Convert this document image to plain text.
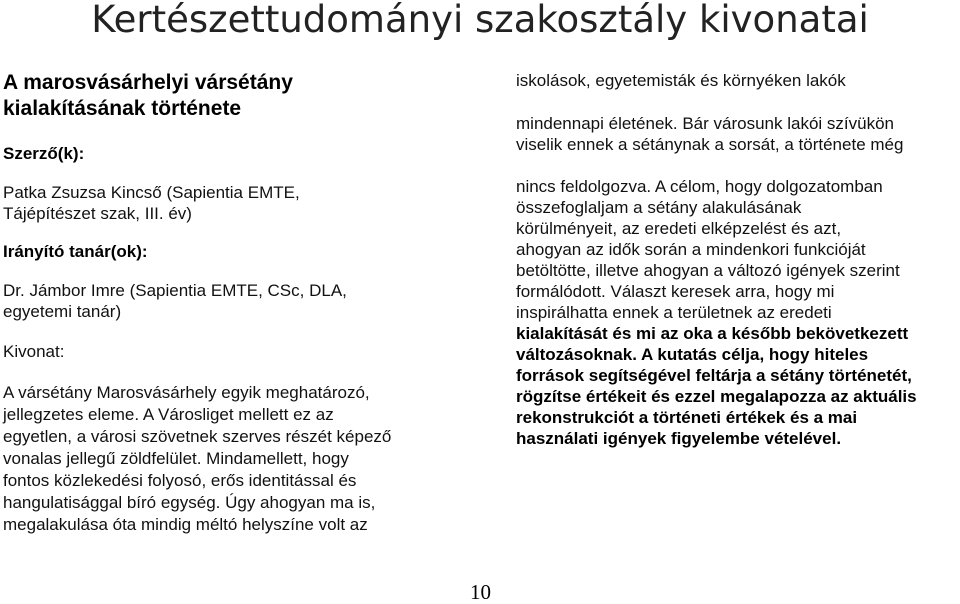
Kertészettudományi szakosztály kivonatai
A marosvásárhelyi vársétány
kialakításának története
Szerző(k):
Patka Zsuzsa Kincső (Sapientia EMTE,
Tájépítészet szak, III. év)
Irányító tanár(ok):
Dr. Jámbor Imre (Sapientia EMTE, CSc, DLA,
egyetemi tanár)
Kivonat:
A vársétány Marosvásárhely egyik meghatározó,
jellegzetes eleme. A Városliget mellett ez az
egyetlen, a városi szövetnek szerves részét képező
vonalas jellegű zöldfelület. Mindamellett, hogy
fontos közlekedési folyosó, erős identitással és
hangulatisággal bíró egység. Úgy ahogyan ma is,
megalakulása óta mindig méltó helyszíne volt az
iskolások, egyetemisták és környéken lakók
mindennapi életének. Bár városunk lakói szívükön
viselik ennek a sétánynak a sorsát, a története még
nincs feldolgozva. A célom, hogy dolgozatomban
összefoglaljam a sétány alakulásának
körülményeit, az eredeti elképzelést és azt,
ahogyan az idők során a mindenkori funkcióját
betöltötte, illetve ahogyan a változó igények szerint
formálódott. Választ keresek arra, hogy mi
inspirálhatta ennek a területnek az eredeti
kialakítását és mi az oka a később bekövetkezett
változásoknak. A kutatás célja, hogy hiteles
források segítségével feltárja a sétány történetét,
rögzítse értékeit és ezzel megalapozza az aktuális
rekonstrukciót a történeti értékek és a mai
használati igények figyelembe vételével.
10
